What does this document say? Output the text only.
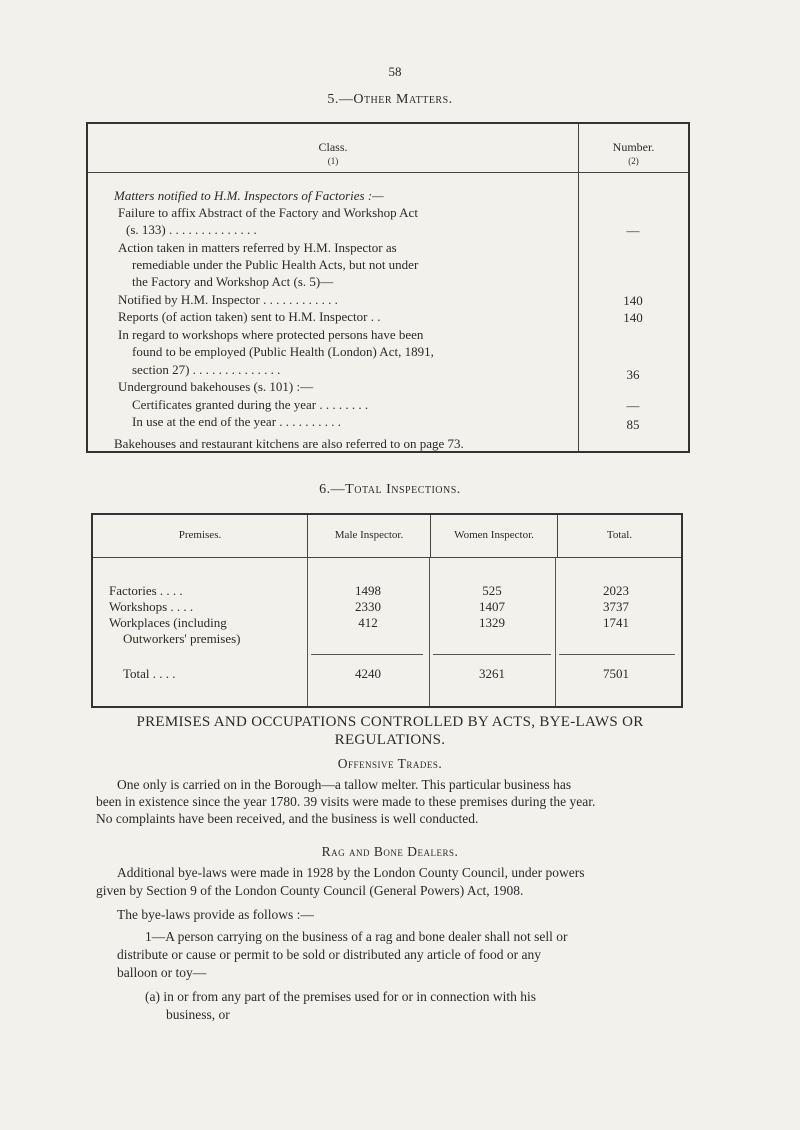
58
5.—Other Matters.
Class.
(1)
Number.
(2)
Matters notified to H.M. Inspectors of Factories :—
Failure to affix Abstract of the Factory and Workshop Act
(s. 133) . . . . . . . . . . . . . .	—
Action taken in matters referred by H.M. Inspector as
remediable under the Public Health Acts, but not under
the Factory and Workshop Act (s. 5)—
Notified by H.M. Inspector . . . . . . . . . . . .	140
Reports (of action taken) sent to H.M. Inspector . .	140
In regard to workshops where protected persons have been
found to be employed (Public Health (London) Act, 1891,
section 27) . . . . . . . . . . . . . .	36
Underground bakehouses (s. 101) :—
Certificates granted during the year . . . . . . . .	—
In use at the end of the year . . . . . . . . . .	85
Bakehouses and restaurant kitchens are also referred to on page 73.
6.—Total Inspections.
Premises.	Male Inspector.	Women Inspector.	Total.
Factories . . . .	1498	525	2023
Workshops . . . .	2330	1407	3737
Workplaces (including
Outworkers' premises)
412	1329	1741
Total . . . .	4240	3261	7501
PREMISES AND OCCUPATIONS CONTROLLED BY ACTS, BYE-LAWS OR
REGULATIONS.
Offensive Trades.
One only is carried on in the Borough—a tallow melter. This particular business has
been in existence since the year 1780. 39 visits were made to these premises during the year.
No complaints have been received, and the business is well conducted.
Rag and Bone Dealers.
Additional bye-laws were made in 1928 by the London County Council, under powers
given by Section 9 of the London County Council (General Powers) Act, 1908.
The bye-laws provide as follows :—
1—A person carrying on the business of a rag and bone dealer shall not sell or
distribute or cause or permit to be sold or distributed any article of food or any
balloon or toy—
(a) in or from any part of the premises used for or in connection with his
business, or
